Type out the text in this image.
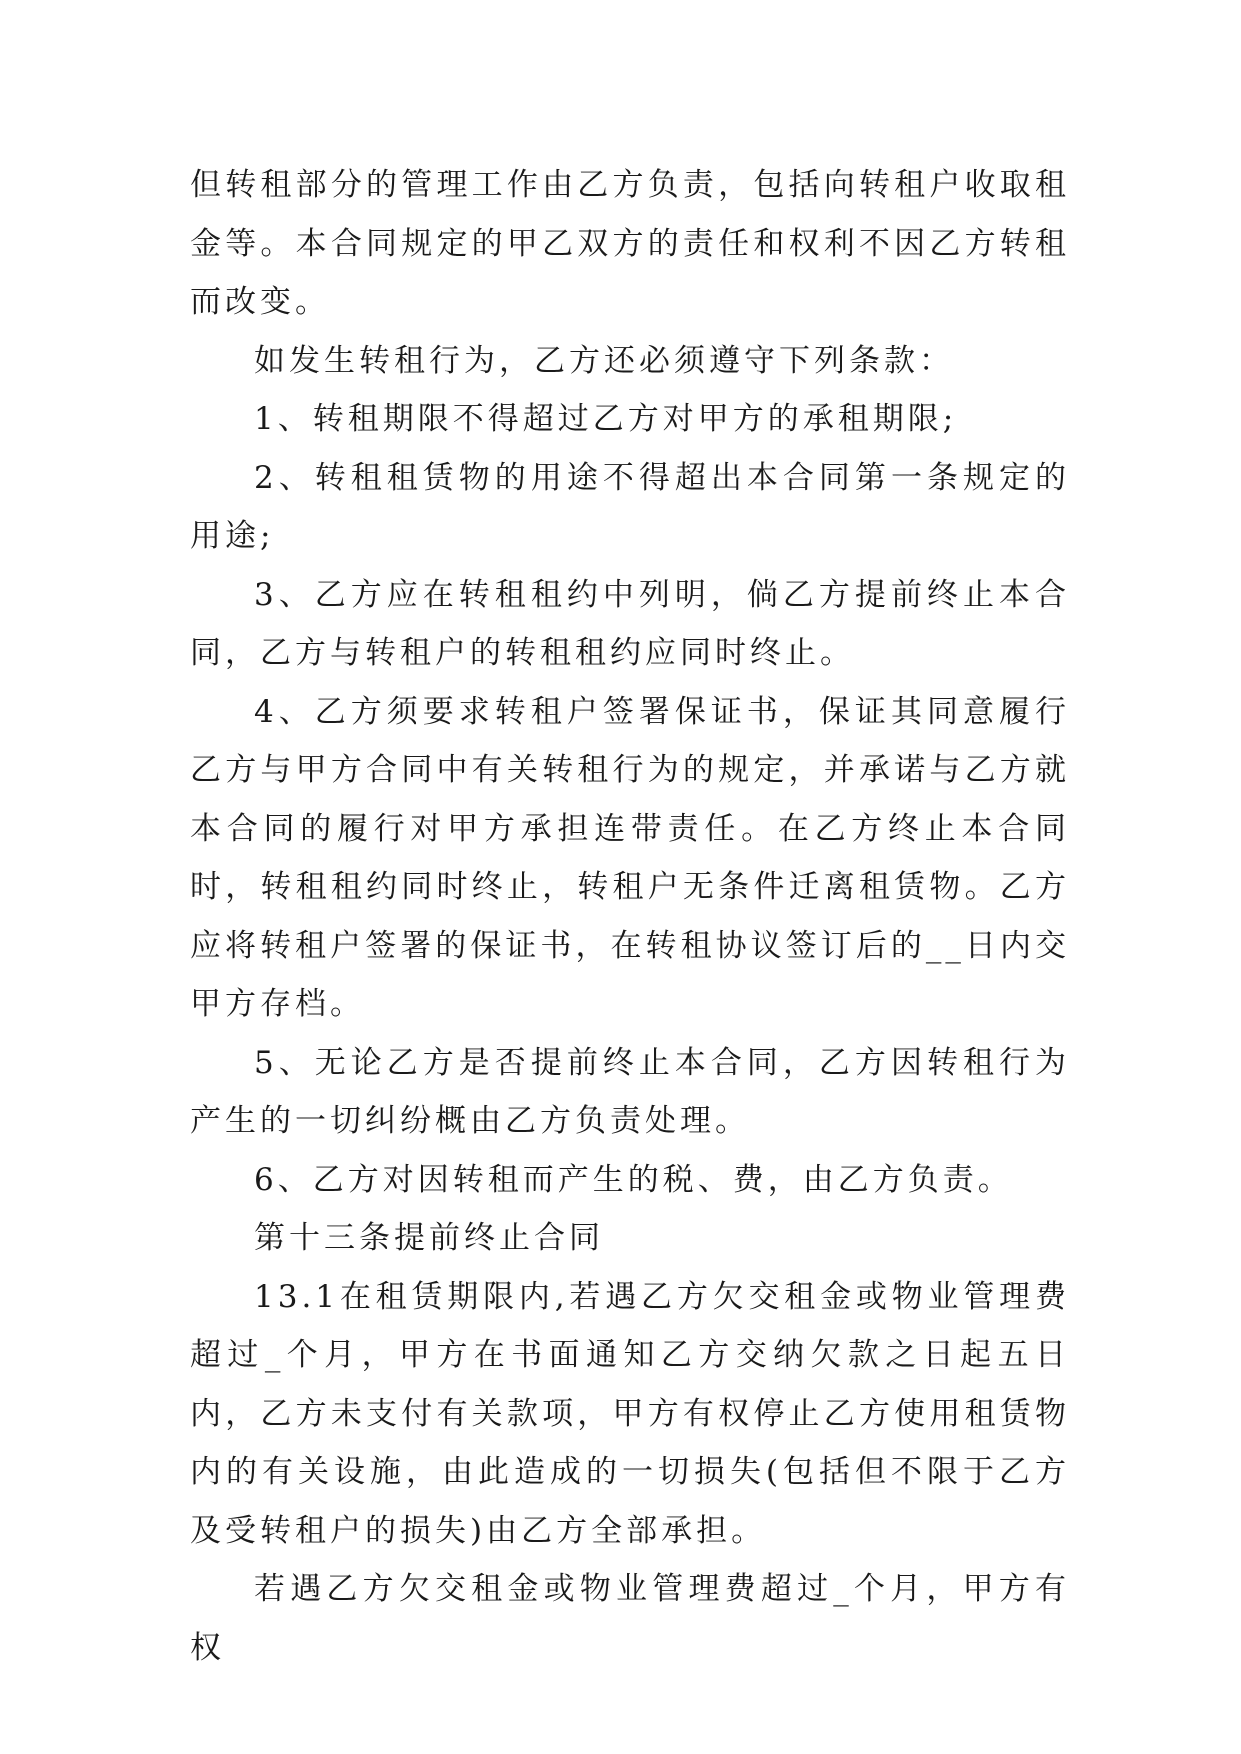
但转租部分的管理工作由乙方负责，包括向转租户收取租金等。本合同规定的甲乙双方的责任和权利不因乙方转租而改变。

如发生转租行为，乙方还必须遵守下列条款：

1、转租期限不得超过乙方对甲方的承租期限;

2、转租租赁物的用途不得超出本合同第一条规定的用途;

3、乙方应在转租租约中列明，倘乙方提前终止本合同，乙方与转租户的转租租约应同时终止。

4、乙方须要求转租户签署保证书，保证其同意履行乙方与甲方合同中有关转租行为的规定，并承诺与乙方就本合同的履行对甲方承担连带责任。在乙方终止本合同时，转租租约同时终止，转租户无条件迁离租赁物。乙方应将转租户签署的保证书，在转租协议签订后的__日内交甲方存档。

5、无论乙方是否提前终止本合同，乙方因转租行为产生的一切纠纷概由乙方负责处理。

6、乙方对因转租而产生的税、费，由乙方负责。

第十三条提前终止合同

13.1在租赁期限内,若遇乙方欠交租金或物业管理费超过_个月，甲方在书面通知乙方交纳欠款之日起五日内，乙方未支付有关款项，甲方有权停止乙方使用租赁物内的有关设施，由此造成的一切损失(包括但不限于乙方及受转租户的损失)由乙方全部承担。

若遇乙方欠交租金或物业管理费超过_个月，甲方有权
